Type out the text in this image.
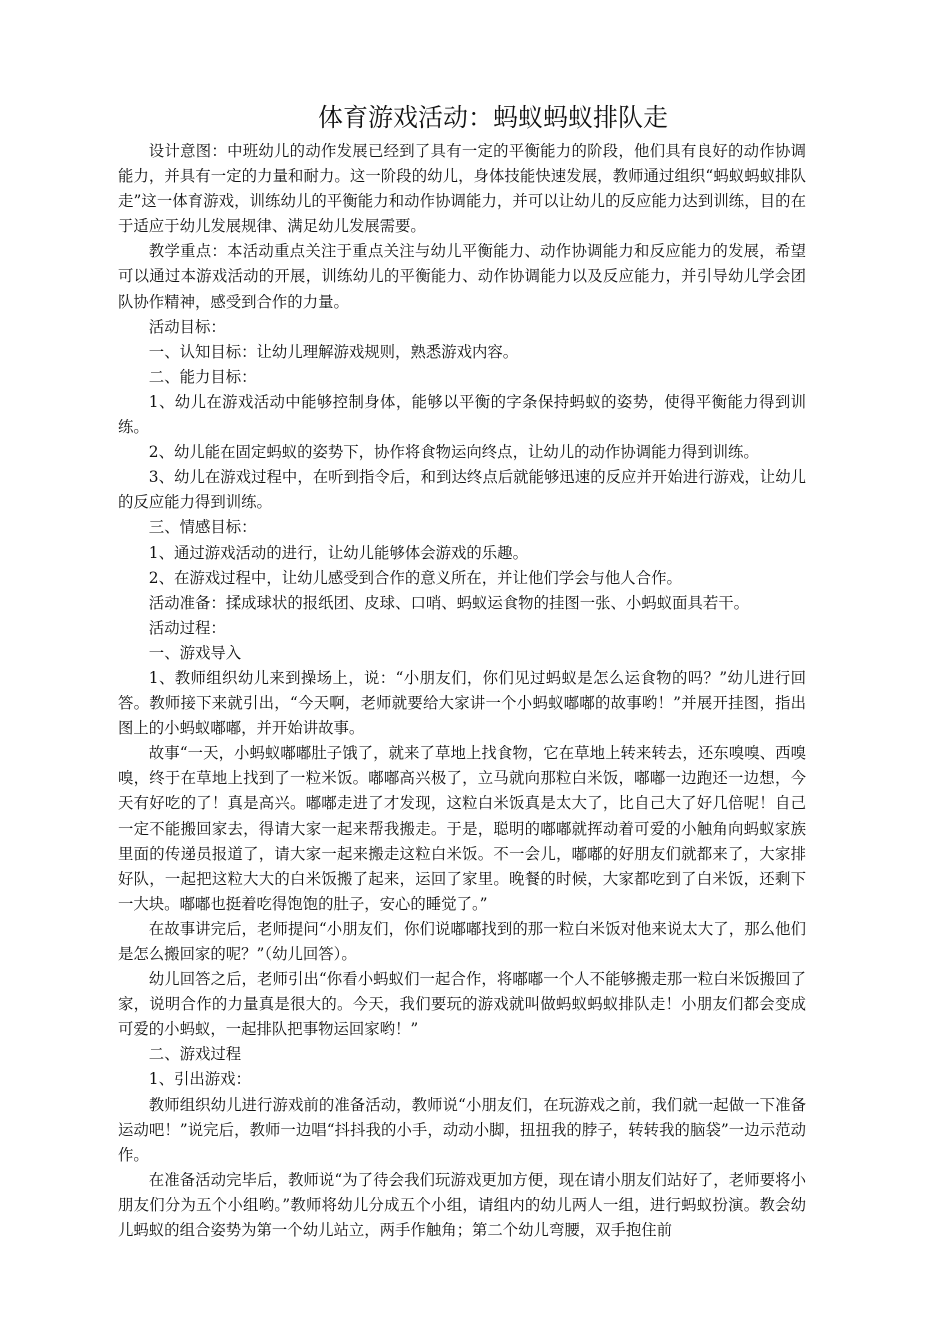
体育游戏活动：蚂蚁蚂蚁排队走

设计意图：中班幼儿的动作发展已经到了具有一定的平衡能力的阶段，他们具有良好的动作协调能力，并具有一定的力量和耐力。这一阶段的幼儿，身体技能快速发展，教师通过组织“蚂蚁蚂蚁排队走”这一体育游戏，训练幼儿的平衡能力和动作协调能力，并可以让幼儿的反应能力达到训练，目的在于适应于幼儿发展规律、满足幼儿发展需要。

教学重点：本活动重点关注于重点关注与幼儿平衡能力、动作协调能力和反应能力的发展，希望可以通过本游戏活动的开展，训练幼儿的平衡能力、动作协调能力以及反应能力，并引导幼儿学会团队协作精神，感受到合作的力量。

活动目标：

一、认知目标：让幼儿理解游戏规则，熟悉游戏内容。

二、能力目标：

1、幼儿在游戏活动中能够控制身体，能够以平衡的字条保持蚂蚁的姿势，使得平衡能力得到训练。

2、幼儿能在固定蚂蚁的姿势下，协作将食物运向终点，让幼儿的动作协调能力得到训练。

3、幼儿在游戏过程中，在听到指令后，和到达终点后就能够迅速的反应并开始进行游戏，让幼儿的反应能力得到训练。

三、情感目标：

1、通过游戏活动的进行，让幼儿能够体会游戏的乐趣。

2、在游戏过程中，让幼儿感受到合作的意义所在，并让他们学会与他人合作。

活动准备：揉成球状的报纸团、皮球、口哨、蚂蚁运食物的挂图一张、小蚂蚁面具若干。

活动过程：

一、游戏导入

1、教师组织幼儿来到操场上，说：“小朋友们，你们见过蚂蚁是怎么运食物的吗？”幼儿进行回答。教师接下来就引出，“今天啊，老师就要给大家讲一个小蚂蚁嘟嘟的故事哟！”并展开挂图，指出图上的小蚂蚁嘟嘟，并开始讲故事。

故事“一天，小蚂蚁嘟嘟肚子饿了，就来了草地上找食物，它在草地上转来转去，还东嗅嗅、西嗅嗅，终于在草地上找到了一粒米饭。嘟嘟高兴极了，立马就向那粒白米饭，嘟嘟一边跑还一边想，今天有好吃的了！真是高兴。嘟嘟走进了才发现，这粒白米饭真是太大了，比自己大了好几倍呢！自己一定不能搬回家去，得请大家一起来帮我搬走。于是，聪明的嘟嘟就挥动着可爱的小触角向蚂蚁家族里面的传递员报道了，请大家一起来搬走这粒白米饭。不一会儿，嘟嘟的好朋友们就都来了，大家排好队，一起把这粒大大的白米饭搬了起来，运回了家里。晚餐的时候，大家都吃到了白米饭，还剩下一大块。嘟嘟也挺着吃得饱饱的肚子，安心的睡觉了。”

在故事讲完后，老师提问“小朋友们，你们说嘟嘟找到的那一粒白米饭对他来说太大了，那么他们是怎么搬回家的呢？”（幼儿回答）。

幼儿回答之后，老师引出“你看小蚂蚁们一起合作，将嘟嘟一个人不能够搬走那一粒白米饭搬回了家，说明合作的力量真是很大的。今天，我们要玩的游戏就叫做蚂蚁蚂蚁排队走！小朋友们都会变成可爱的小蚂蚁，一起排队把事物运回家哟！”

二、游戏过程

1、引出游戏：

教师组织幼儿进行游戏前的准备活动，教师说“小朋友们，在玩游戏之前，我们就一起做一下准备运动吧！”说完后，教师一边唱“抖抖我的小手，动动小脚，扭扭我的脖子，转转我的脑袋”一边示范动作。

在准备活动完毕后，教师说“为了待会我们玩游戏更加方便，现在请小朋友们站好了，老师要将小朋友们分为五个小组哟。”教师将幼儿分成五个小组，请组内的幼儿两人一组，进行蚂蚁扮演。教会幼儿蚂蚁的组合姿势为第一个幼儿站立，两手作触角；第二个幼儿弯腰，双手抱住前
